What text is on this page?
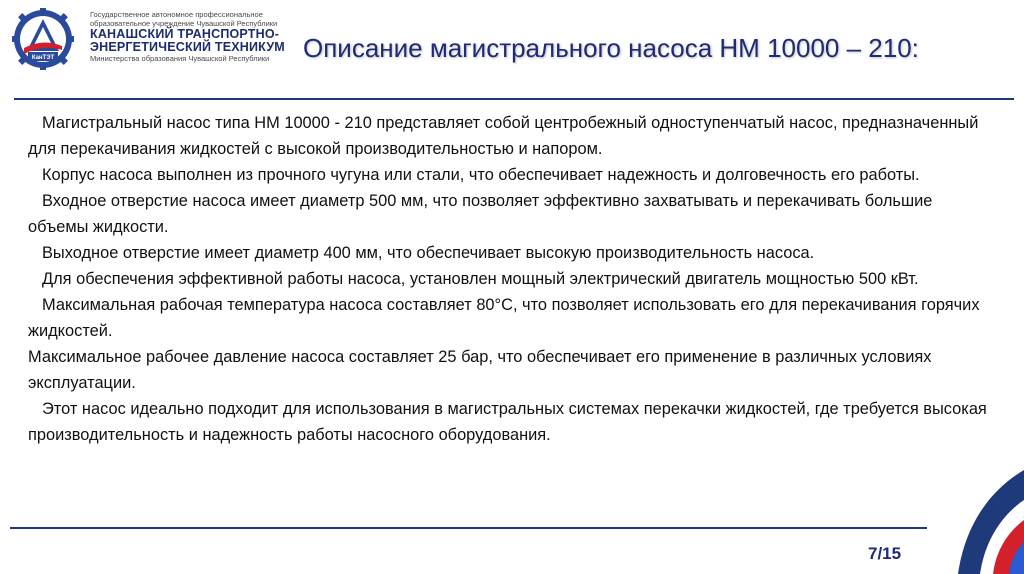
КанТЭТ
Государственное автономное профессиональное
образовательное учреждение Чувашской Республики
КАНАШСКИЙ ТРАНСПОРТНО-
ЭНЕРГЕТИЧЕСКИЙ ТЕХНИКУМ
Министерства образования Чувашской Республики	Описание магистрального насоса НМ 10000 – 210:

Магистральный насос типа НМ 10000 - 210 представляет собой центробежный одноступенчатый насос, предназначенный для перекачивания жидкостей с высокой производительностью и напором.

Корпус насоса выполнен из прочного чугуна или стали, что обеспечивает надежность и долговечность его работы.

Входное отверстие насоса имеет диаметр 500 мм, что позволяет эффективно захватывать и перекачивать большие объемы жидкости.

Выходное отверстие имеет диаметр 400 мм, что обеспечивает высокую производительность насоса.

Для обеспечения эффективной работы насоса, установлен мощный электрический двигатель мощностью 500 кВт.

Максимальная рабочая температура насоса составляет 80°С, что позволяет использовать его для перекачивания горячих жидкостей.

Максимальное рабочее давление насоса составляет 25 бар, что обеспечивает его применение в различных условиях эксплуатации.

Этот насос идеально подходит для использования в магистральных системах перекачки жидкостей, где требуется высокая производительность и надежность работы насосного оборудования.

7/15
